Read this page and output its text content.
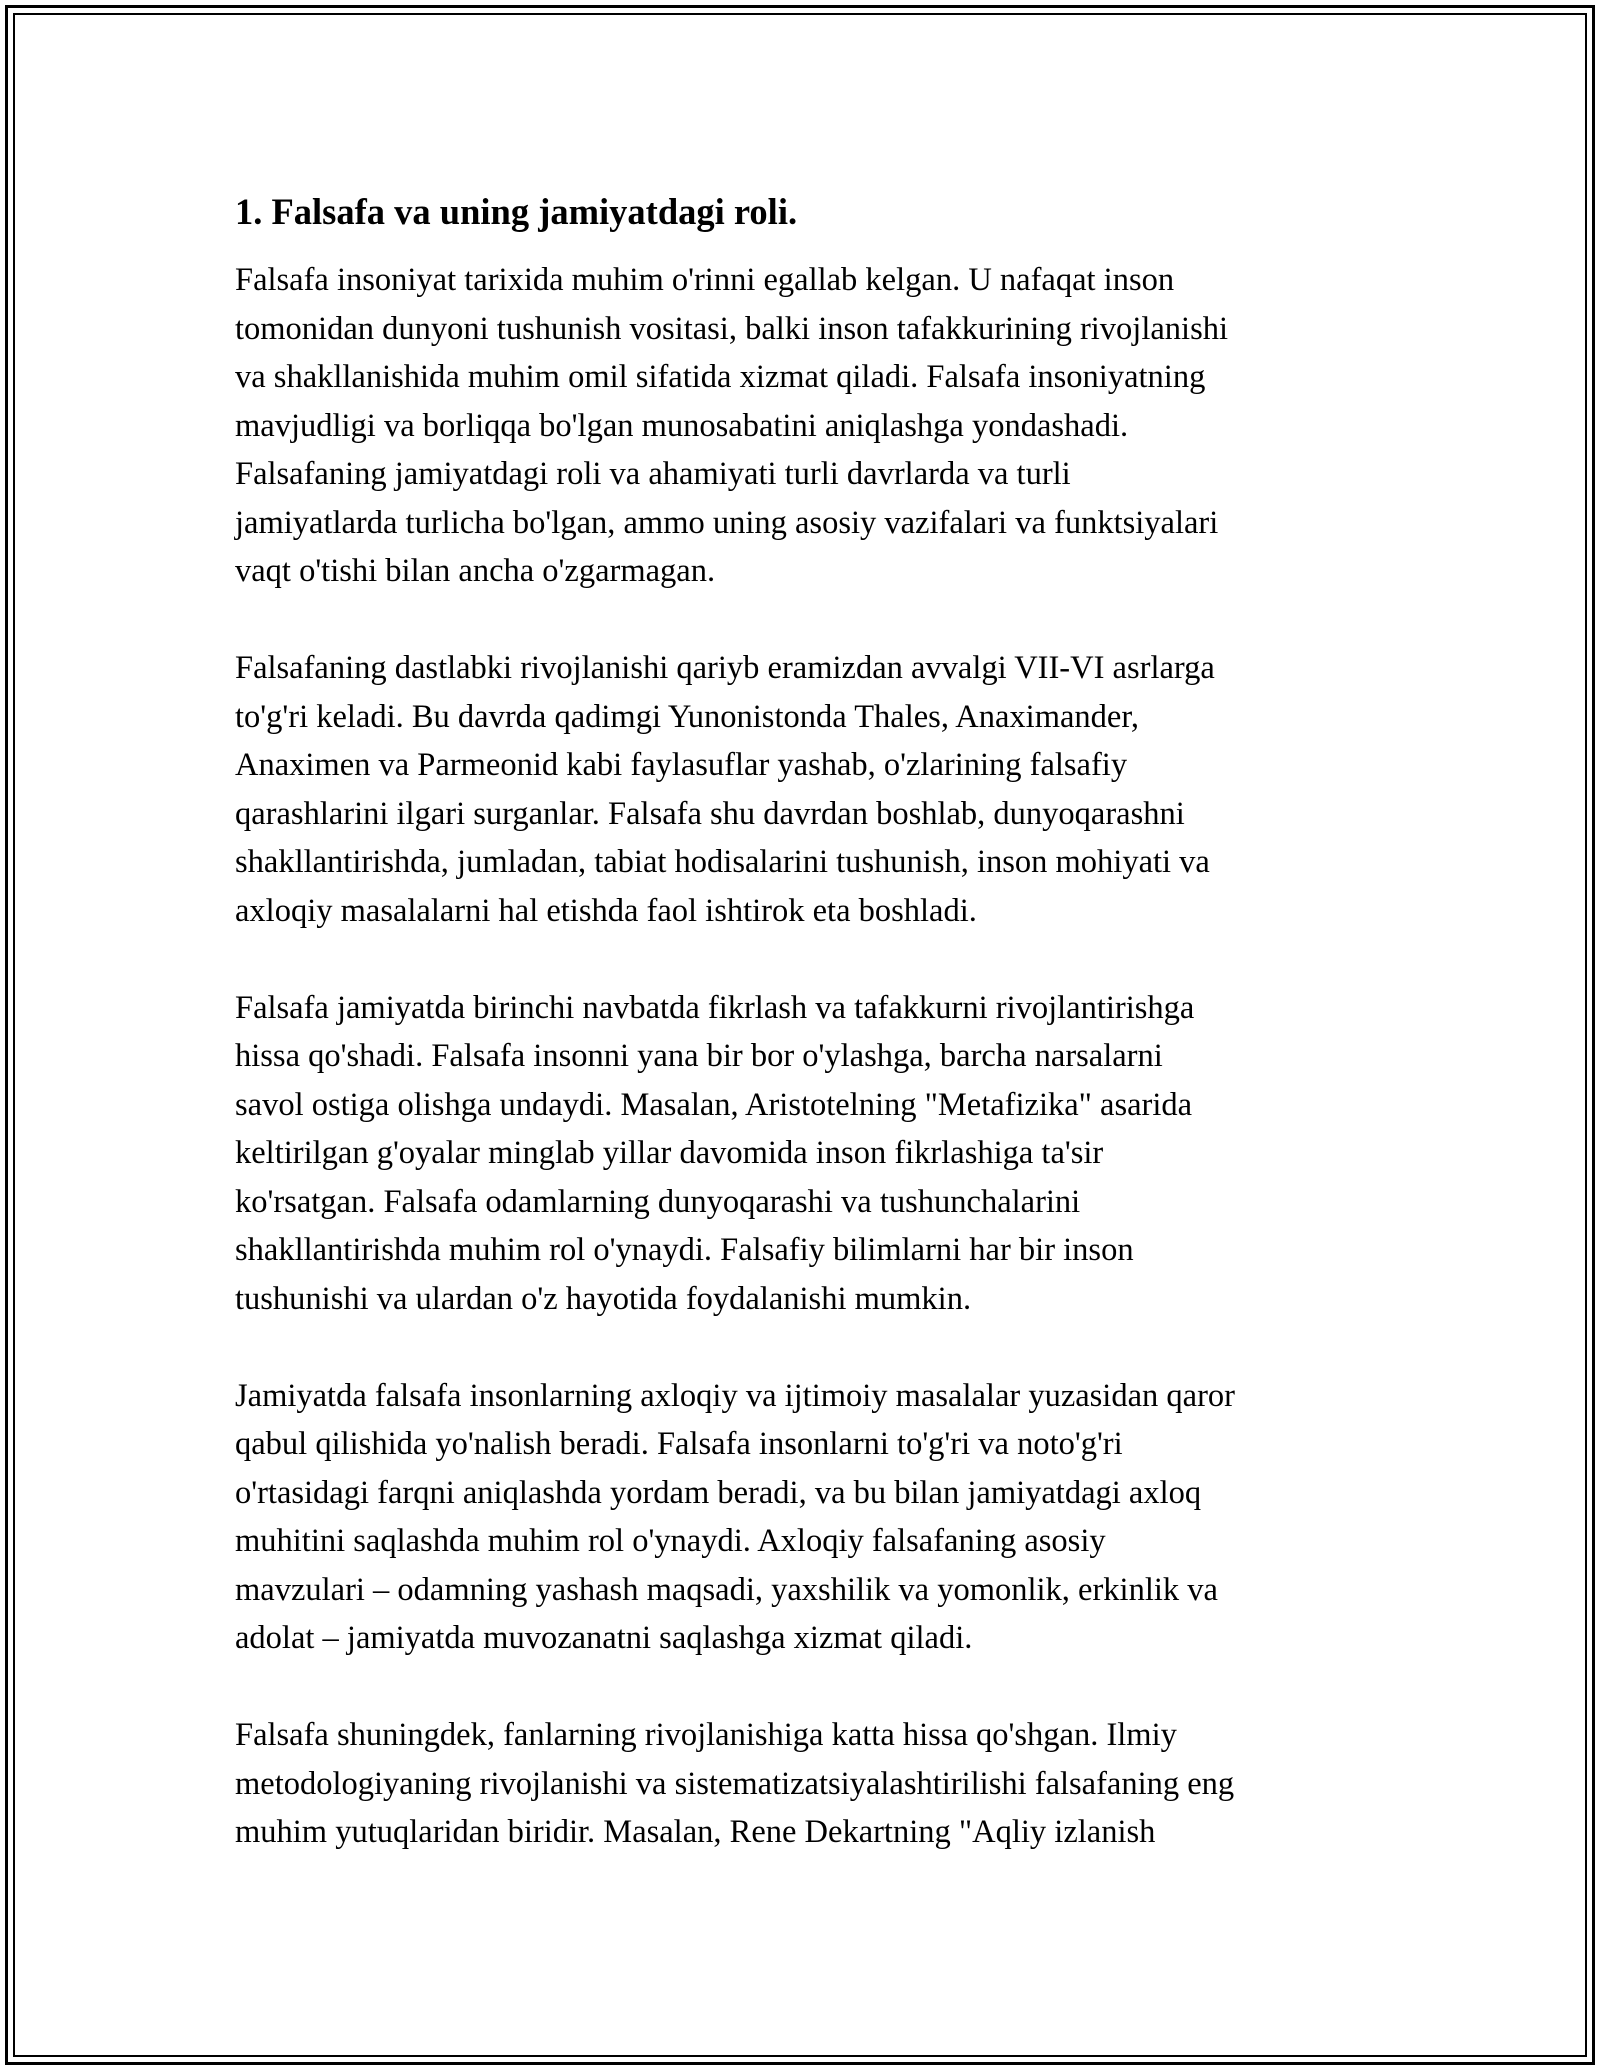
1. Falsafa va uning jamiyatdagi roli.

Falsafa insoniyat tarixida muhim o'rinni egallab kelgan. U nafaqat inson
tomonidan dunyoni tushunish vositasi, balki inson tafakkurining rivojlanishi
va shakllanishida muhim omil sifatida xizmat qiladi. Falsafa insoniyatning
mavjudligi va borliqqa bo'lgan munosabatini aniqlashga yondashadi.
Falsafaning jamiyatdagi roli va ahamiyati turli davrlarda va turli
jamiyatlarda turlicha bo'lgan, ammo uning asosiy vazifalari va funktsiyalari
vaqt o'tishi bilan ancha o'zgarmagan.

Falsafaning dastlabki rivojlanishi qariyb eramizdan avvalgi VII-VI asrlarga
to'g'ri keladi. Bu davrda qadimgi Yunonistonda Thales, Anaximander,
Anaximen va Parmeonid kabi faylasuflar yashab, o'zlarining falsafiy
qarashlarini ilgari surganlar. Falsafa shu davrdan boshlab, dunyoqarashni
shakllantirishda, jumladan, tabiat hodisalarini tushunish, inson mohiyati va
axloqiy masalalarni hal etishda faol ishtirok eta boshladi.

Falsafa jamiyatda birinchi navbatda fikrlash va tafakkurni rivojlantirishga
hissa qo'shadi. Falsafa insonni yana bir bor o'ylashga, barcha narsalarni
savol ostiga olishga undaydi. Masalan, Aristotelning "Metafizika" asarida
keltirilgan g'oyalar minglab yillar davomida inson fikrlashiga ta'sir
ko'rsatgan. Falsafa odamlarning dunyoqarashi va tushunchalarini
shakllantirishda muhim rol o'ynaydi. Falsafiy bilimlarni har bir inson
tushunishi va ulardan o'z hayotida foydalanishi mumkin.

Jamiyatda falsafa insonlarning axloqiy va ijtimoiy masalalar yuzasidan qaror
qabul qilishida yo'nalish beradi. Falsafa insonlarni to'g'ri va noto'g'ri
o'rtasidagi farqni aniqlashda yordam beradi, va bu bilan jamiyatdagi axloq
muhitini saqlashda muhim rol o'ynaydi. Axloqiy falsafaning asosiy
mavzulari – odamning yashash maqsadi, yaxshilik va yomonlik, erkinlik va
adolat – jamiyatda muvozanatni saqlashga xizmat qiladi.

Falsafa shuningdek, fanlarning rivojlanishiga katta hissa qo'shgan. Ilmiy
metodologiyaning rivojlanishi va sistematizatsiyalashtirilishi falsafaning eng
muhim yutuqlaridan biridir. Masalan, Rene Dekartning "Aqliy izlanish
